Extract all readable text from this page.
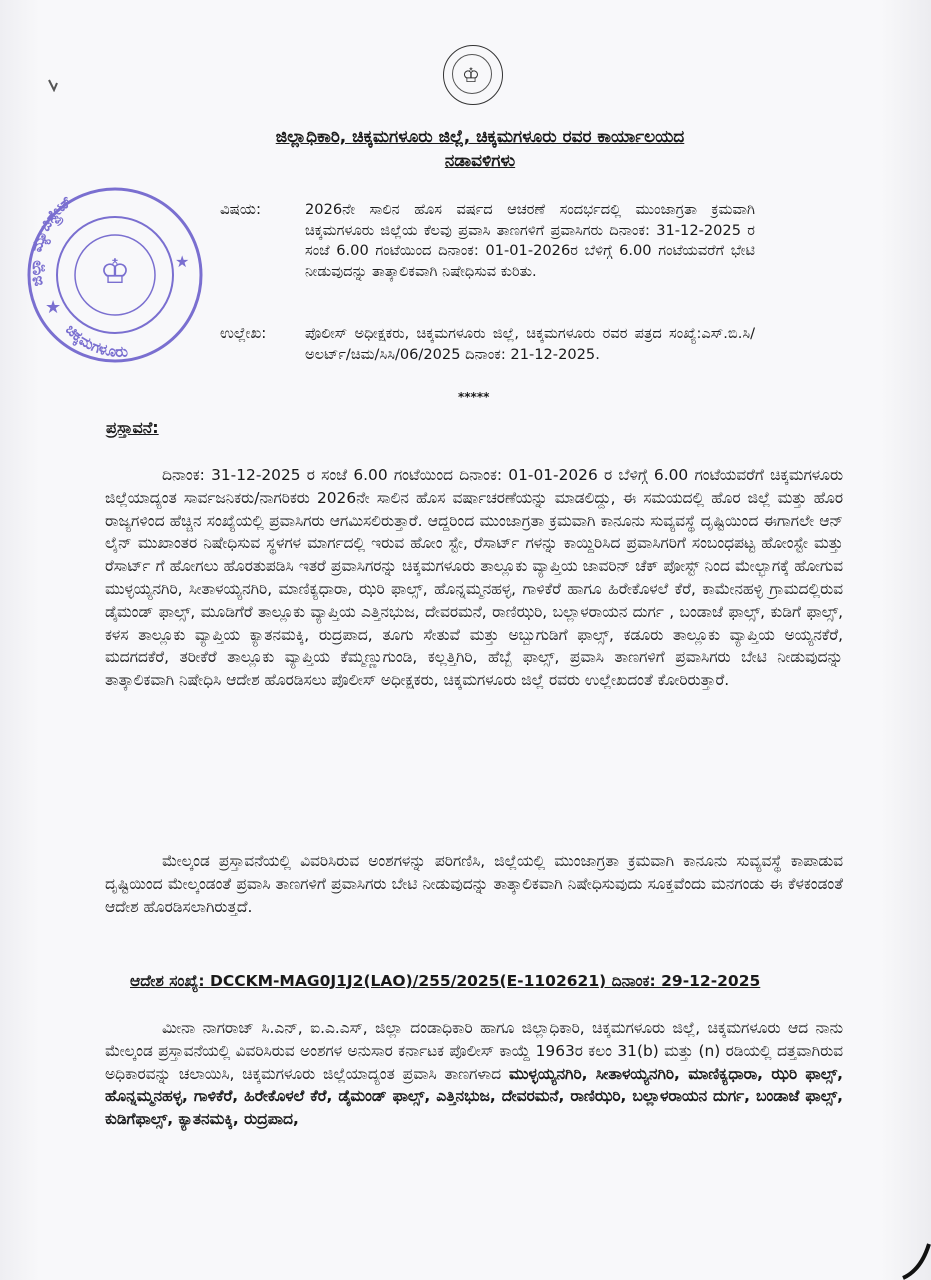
♔
♔
★
★
ಜಿಲ್ಲಾ ಮ್ಯಾಜಿಸ್ಟ್ರೇಟ್
ಚಿಕ್ಕಮಗಳೂರು
ಜಿಲ್ಲಾಧಿಕಾರಿ, ಚಿಕ್ಕಮಗಳೂರು ಜಿಲ್ಲೆ, ಚಿಕ್ಕಮಗಳೂರು ರವರ ಕಾರ್ಯಾಲಯದ
ನಡಾವಳಿಗಳು
ವಿಷಯ:	2026ನೇ ಸಾಲಿನ ಹೊಸ ವರ್ಷದ ಆಚರಣೆ ಸಂದರ್ಭದಲ್ಲಿ ಮುಂಜಾಗ್ರತಾ ಕ್ರಮವಾಗಿ ಚಿಕ್ಕಮಗಳೂರು ಜಿಲ್ಲೆಯ ಕೆಲವು ಪ್ರವಾಸಿ ತಾಣಗಳಿಗೆ ಪ್ರವಾಸಿಗರು ದಿನಾಂಕ: 31-12-2025 ರ ಸಂಜೆ 6.00 ಗಂಟೆಯಿಂದ ದಿನಾಂಕ: 01-01-2026ರ ಬೆಳಿಗ್ಗೆ 6.00 ಗಂಟೆಯವರೆಗೆ ಭೇಟಿ ನೀಡುವುದನ್ನು ತಾತ್ಕಾಲಿಕವಾಗಿ ನಿಷೇಧಿಸುವ ಕುರಿತು.
ಉಲ್ಲೇಖ:	ಪೊಲೀಸ್ ಅಧೀಕ್ಷಕರು, ಚಿಕ್ಕಮಗಳೂರು ಜಿಲ್ಲೆ, ಚಿಕ್ಕಮಗಳೂರು ರವರ ಪತ್ರದ ಸಂಖ್ಯೆ:ಎಸ್.ಬಿ.ಸಿ/ಅಲರ್ಟ್/ಚಿಮ/ಸಿಸಿ/06/2025 ದಿನಾಂಕ: 21-12-2025.
*****
ಪ್ರಸ್ತಾವನೆ:
ದಿನಾಂಕ: 31-12-2025 ರ ಸಂಜೆ 6.00 ಗಂಟೆಯಿಂದ ದಿನಾಂಕ: 01-01-2026 ರ ಬೆಳಿಗ್ಗೆ 6.00 ಗಂಟೆಯವರೆಗೆ ಚಿಕ್ಕಮಗಳೂರು ಜಿಲ್ಲೆಯಾದ್ಯಂತ ಸಾರ್ವಜನಿಕರು/ನಾಗರಿಕರು 2026ನೇ ಸಾಲಿನ ಹೊಸ ವರ್ಷಾಚರಣೆಯನ್ನು ಮಾಡಲಿದ್ದು, ಈ ಸಮಯದಲ್ಲಿ ಹೊರ ಜಿಲ್ಲೆ ಮತ್ತು ಹೊರ ರಾಜ್ಯಗಳಿಂದ ಹೆಚ್ಚಿನ ಸಂಖ್ಯೆಯಲ್ಲಿ ಪ್ರವಾಸಿಗರು ಆಗಮಿಸಲಿರುತ್ತಾರೆ. ಆದ್ದರಿಂದ ಮುಂಜಾಗ್ರತಾ ಕ್ರಮವಾಗಿ ಕಾನೂನು ಸುವ್ಯವಸ್ಥೆ ದೃಷ್ಟಿಯಿಂದ ಈಗಾಗಲೇ ಆನ್ ಲೈನ್ ಮುಖಾಂತರ ನಿಷೇಧಿಸುವ ಸ್ಥಳಗಳ ಮಾರ್ಗದಲ್ಲಿ ಇರುವ ಹೋಂ ಸ್ಟೇ, ರೆಸಾರ್ಟ್ ಗಳನ್ನು ಕಾಯ್ದಿರಿಸಿದ ಪ್ರವಾಸಿಗರಿಗೆ ಸಂಬಂಧಪಟ್ಟ ಹೋಂಸ್ಟೇ ಮತ್ತು ರೆಸಾರ್ಟ್ ಗೆ ಹೋಗಲು ಹೊರತುಪಡಿಸಿ ಇತರೆ ಪ್ರವಾಸಿಗರನ್ನು ಚಿಕ್ಕಮಗಳೂರು ತಾಲ್ಲೂಕು ವ್ಯಾಪ್ತಿಯ ಜಾವರಿನ್ ಚೆಕ್ ಪೋಸ್ಟ್ ನಿಂದ ಮೇಲ್ಭಾಗಕ್ಕೆ ಹೋಗುವ ಮುಳ್ಳಯ್ಯನಗಿರಿ, ಸೀತಾಳಯ್ಯನಗಿರಿ, ಮಾಣಿಕ್ಯಧಾರಾ, ಝರಿ ಫಾಲ್ಸ್, ಹೊನ್ನಮ್ಮನಹಳ್ಳ, ಗಾಳಿಕೆರೆ ಹಾಗೂ ಹಿರೇಕೊಳಲೆ ಕೆರೆ, ಕಾಮೇನಹಳ್ಳಿ ಗ್ರಾಮದಲ್ಲಿರುವ ಡೈಮಂಡ್ ಫಾಲ್ಸ್, ಮೂಡಿಗೆರೆ ತಾಲ್ಲೂಕು ವ್ಯಾಪ್ತಿಯ ಎತ್ತಿನಭುಜ, ದೇವರಮನೆ, ರಾಣಿಝರಿ, ಬಲ್ಲಾಳರಾಯನ ದುರ್ಗ , ಬಂಡಾಜೆ ಫಾಲ್ಸ್, ಕುಡಿಗೆ ಫಾಲ್ಸ್, ಕಳಸ ತಾಲ್ಲೂಕು ವ್ಯಾಪ್ತಿಯ ಕ್ಯಾತನಮಕ್ಕಿ, ರುದ್ರಪಾದ, ತೂಗು ಸೇತುವೆ ಮತ್ತು ಅಬ್ಬುಗುಡಿಗೆ ಫಾಲ್ಸ್, ಕಡೂರು ತಾಲ್ಲೂಕು ವ್ಯಾಪ್ತಿಯ ಅಯ್ಯನಕೆರೆ, ಮದಗದಕೆರೆ, ತರೀಕೆರೆ ತಾಲ್ಲೂಕು ವ್ಯಾಪ್ತಿಯ ಕೆಮ್ಮಣ್ಣುಗುಂಡಿ, ಕಲ್ಲತ್ತಿಗಿರಿ, ಹೆಬ್ಬೆ ಫಾಲ್ಸ್, ಪ್ರವಾಸಿ ತಾಣಗಳಿಗೆ ಪ್ರವಾಸಿಗರು ಬೇಟಿ ನೀಡುವುದನ್ನು ತಾತ್ಕಾಲಿಕವಾಗಿ ನಿಷೇಧಿಸಿ ಆದೇಶ ಹೊರಡಿಸಲು ಪೊಲೀಸ್ ಅಧೀಕ್ಷಕರು, ಚಿಕ್ಕಮಗಳೂರು ಜಿಲ್ಲೆ ರವರು ಉಲ್ಲೇಖದಂತೆ ಕೋರಿರುತ್ತಾರೆ.
ಮೇಲ್ಕಂಡ ಪ್ರಸ್ತಾವನೆಯಲ್ಲಿ ವಿವರಿಸಿರುವ ಅಂಶಗಳನ್ನು ಪರಿಗಣಿಸಿ, ಜಿಲ್ಲೆಯಲ್ಲಿ ಮುಂಜಾಗ್ರತಾ ಕ್ರಮವಾಗಿ ಕಾನೂನು ಸುವ್ಯವಸ್ಥೆ ಕಾಪಾಡುವ ದೃಷ್ಟಿಯಿಂದ ಮೇಲ್ಕಂಡಂತೆ ಪ್ರವಾಸಿ ತಾಣಗಳಿಗೆ ಪ್ರವಾಸಿಗರು ಬೇಟಿ ನೀಡುವುದನ್ನು ತಾತ್ಕಾಲಿಕವಾಗಿ ನಿಷೇಧಿಸುವುದು ಸೂಕ್ತವೆಂದು ಮನಗಂಡು ಈ ಕೆಳಕಂಡಂತೆ ಆದೇಶ ಹೊರಡಿಸಲಾಗಿರುತ್ತದೆ.
ಆದೇಶ ಸಂಖ್ಯೆ: DCCKM-MAG0J1J2(LAO)/255/2025(E-1102621) ದಿನಾಂಕ: 29-12-2025
ಮೀನಾ ನಾಗರಾಜ್ ಸಿ.ಎನ್, ಐ.ಎ.ಎಸ್, ಜಿಲ್ಲಾ ದಂಡಾಧಿಕಾರಿ ಹಾಗೂ ಜಿಲ್ಲಾಧಿಕಾರಿ, ಚಿಕ್ಕಮಗಳೂರು ಜಿಲ್ಲೆ, ಚಿಕ್ಕಮಗಳೂರು ಆದ ನಾನು ಮೇಲ್ಕಂಡ ಪ್ರಸ್ತಾವನೆಯಲ್ಲಿ ವಿವರಿಸಿರುವ ಅಂಶಗಳ ಅನುಸಾರ ಕರ್ನಾಟಕ ಪೊಲೀಸ್ ಕಾಯ್ದೆ 1963ರ ಕಲಂ 31(b) ಮತ್ತು (n) ರಡಿಯಲ್ಲಿ ದತ್ತವಾಗಿರುವ ಅಧಿಕಾರವನ್ನು ಚಲಾಯಿಸಿ, ಚಿಕ್ಕಮಗಳೂರು ಜಿಲ್ಲೆಯಾದ್ಯಂತ ಪ್ರವಾಸಿ ತಾಣಗಳಾದ ಮುಳ್ಳಯ್ಯನಗಿರಿ, ಸೀತಾಳಯ್ಯನಗಿರಿ, ಮಾಣಿಕ್ಯಧಾರಾ, ಝರಿ ಫಾಲ್ಸ್, ಹೊನ್ನಮ್ಮನಹಳ್ಳ, ಗಾಳಿಕೆರೆ, ಹಿರೇಕೊಳಲೆ ಕೆರೆ, ಡೈಮಂಡ್ ಫಾಲ್ಸ್, ಎತ್ತಿನಭುಜ, ದೇವರಮನೆ, ರಾಣಿಝರಿ, ಬಲ್ಲಾಳರಾಯನ ದುರ್ಗ, ಬಂಡಾಜೆ ಫಾಲ್ಸ್, ಕುಡಿಗೆಫಾಲ್ಸ್, ಕ್ಯಾತನಮಕ್ಕಿ, ರುದ್ರಪಾದ,
